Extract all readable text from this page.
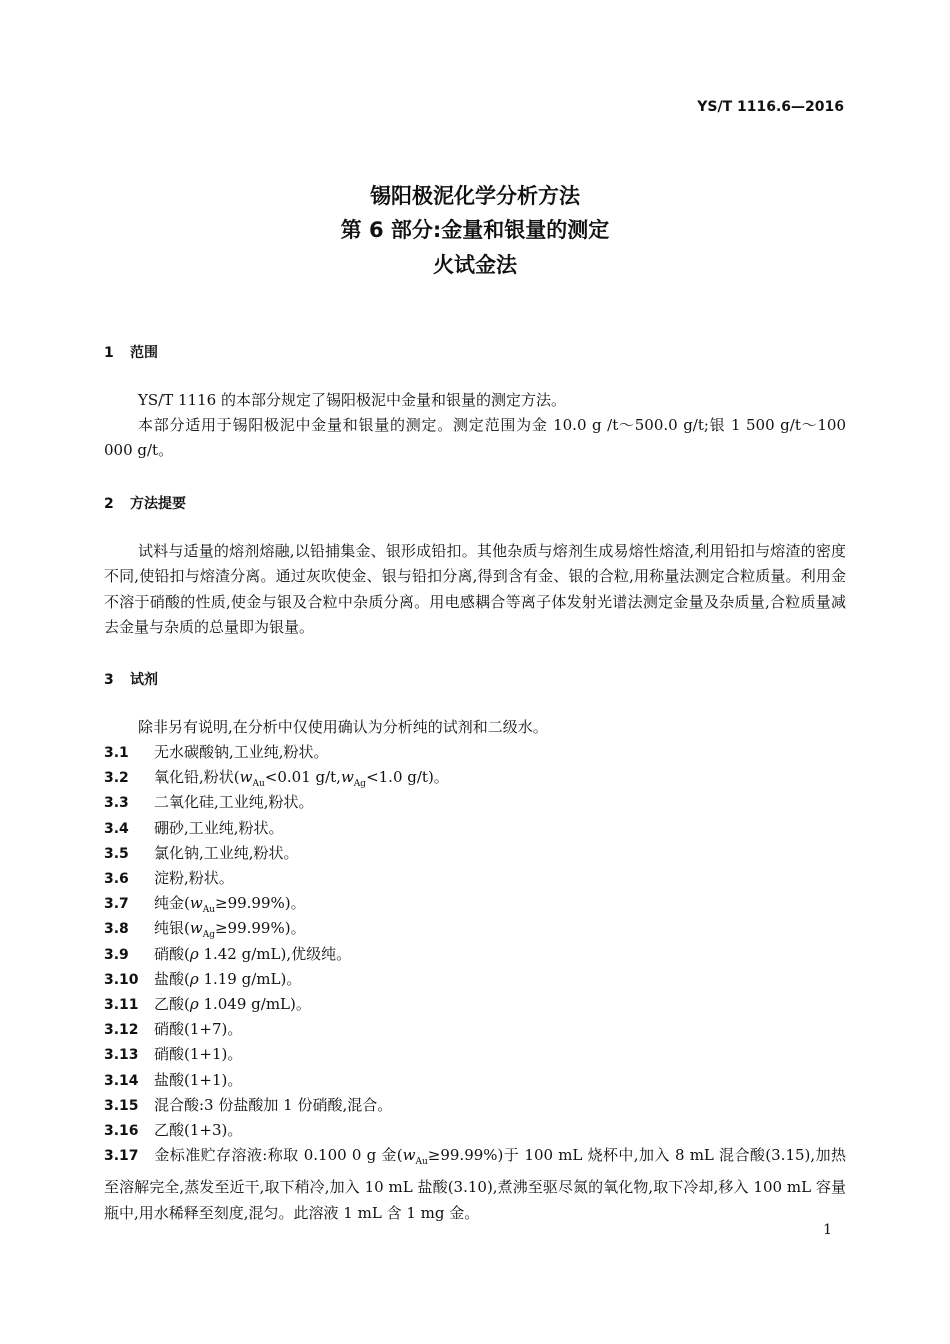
YS/T 1116.6—2016
锡阳极泥化学分析方法
第 6 部分:金量和银量的测定
火试金法
1 范围
YS/T 1116 的本部分规定了锡阳极泥中金量和银量的测定方法。
本部分适用于锡阳极泥中金量和银量的测定。测定范围为金 10.0 g /t～500.0 g/t;银 1 500 g/t～100 000 g/t。
2 方法提要
试料与适量的熔剂熔融,以铅捕集金、银形成铅扣。其他杂质与熔剂生成易熔性熔渣,利用铅扣与熔渣的密度不同,使铅扣与熔渣分离。通过灰吹使金、银与铅扣分离,得到含有金、银的合粒,用称量法测定合粒质量。利用金不溶于硝酸的性质,使金与银及合粒中杂质分离。用电感耦合等离子体发射光谱法测定金量及杂质量,合粒质量减去金量与杂质的总量即为银量。
3 试剂
除非另有说明,在分析中仅使用确认为分析纯的试剂和二级水。
3.1 无水碳酸钠,工业纯,粉状。
3.2 氧化铅,粉状($w_{Au}<0.01$ $g/t,w_{Ag}<1.0$ g/t)。
3.3 二氧化硅,工业纯,粉状。
3.4 硼砂,工业纯,粉状。
3.5 氯化钠,工业纯,粉状。
3.6 淀粉,粉状。
3.7 纯金$(w_{Au}\ge 99.99\%)$。
3.8 纯银$(w_{Ag}\ge 99.99\%)$。
3.9 硝酸(ρ 1.42 g/mL),优级纯。
3.10 盐酸(ρ 1.19 g/mL)。
3.11 乙酸(ρ 1.049 g/mL)。
3.12 硝酸(1+7)。
3.13 硝酸(1+1)。
3.14 盐酸(1+1)。
3.15 混合酸:3 份盐酸加 1 份硝酸,混合。
3.16 乙酸(1+3)。
3.17 金标准贮存溶液:称取 0.100 0 g 金$(w_{Au}\ge 99.99\%)$于 100 mL 烧杯中,加入 8 mL 混合酸(3.15),加热至溶解完全,蒸发至近干,取下稍冷,加入 10 mL 盐酸(3.10),煮沸至驱尽氮的氧化物,取下冷却,移入 100 mL 容量瓶中,用水稀释至刻度,混匀。此溶液 1 mL 含 1 mg 金。
1
